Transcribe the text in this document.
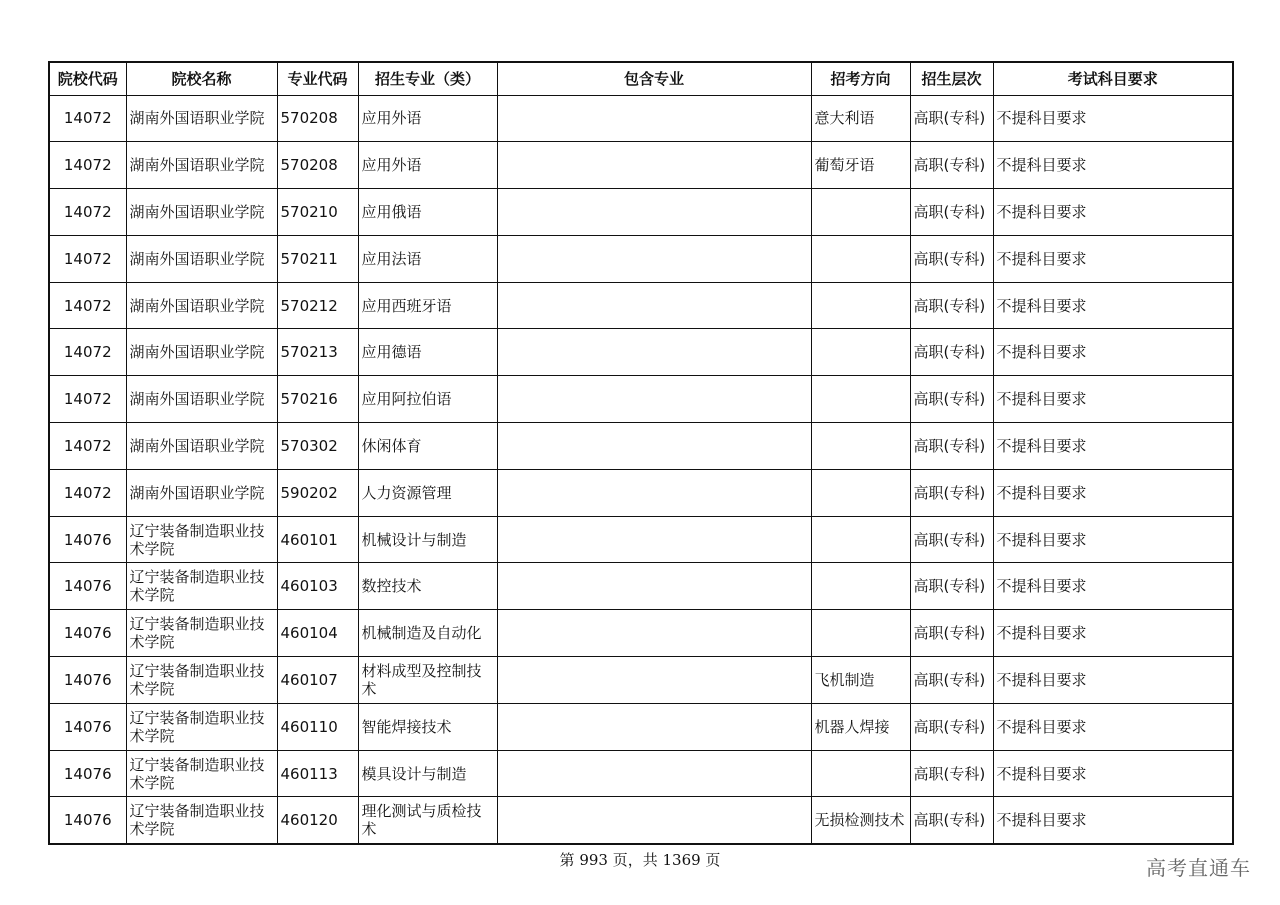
院校代码	院校名称	专业代码	招生专业（类）	包含专业	招考方向	招生层次	考试科目要求
14072	湖南外国语职业学院	570208	应用外语		意大利语	高职(专科)	不提科目要求
14072	湖南外国语职业学院	570208	应用外语		葡萄牙语	高职(专科)	不提科目要求
14072	湖南外国语职业学院	570210	应用俄语			高职(专科)	不提科目要求
14072	湖南外国语职业学院	570211	应用法语			高职(专科)	不提科目要求
14072	湖南外国语职业学院	570212	应用西班牙语			高职(专科)	不提科目要求
14072	湖南外国语职业学院	570213	应用德语			高职(专科)	不提科目要求
14072	湖南外国语职业学院	570216	应用阿拉伯语			高职(专科)	不提科目要求
14072	湖南外国语职业学院	570302	休闲体育			高职(专科)	不提科目要求
14072	湖南外国语职业学院	590202	人力资源管理			高职(专科)	不提科目要求
14076	辽宁装备制造职业技术学院	460101	机械设计与制造			高职(专科)	不提科目要求
14076	辽宁装备制造职业技术学院	460103	数控技术			高职(专科)	不提科目要求
14076	辽宁装备制造职业技术学院	460104	机械制造及自动化			高职(专科)	不提科目要求
14076	辽宁装备制造职业技术学院	460107	材料成型及控制技术		飞机制造	高职(专科)	不提科目要求
14076	辽宁装备制造职业技术学院	460110	智能焊接技术		机器人焊接	高职(专科)	不提科目要求
14076	辽宁装备制造职业技术学院	460113	模具设计与制造			高职(专科)	不提科目要求
14076	辽宁装备制造职业技术学院	460120	理化测试与质检技术		无损检测技术	高职(专科)	不提科目要求
第 993 页，共 1369 页	高考直通车
